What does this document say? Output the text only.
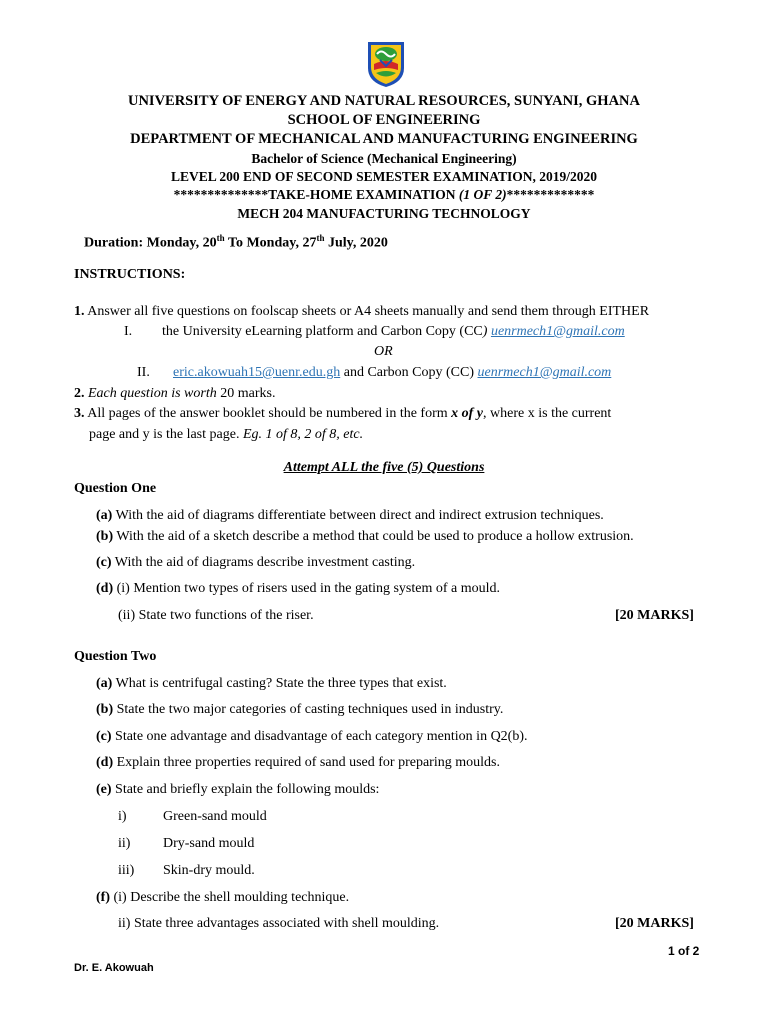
UNIVERSITY OF ENERGY AND NATURAL RESOURCES, SUNYANI, GHANA
SCHOOL OF ENGINEERING
DEPARTMENT OF MECHANICAL AND MANUFACTURING ENGINEERING
Bachelor of Science (Mechanical Engineering)
LEVEL 200 END OF SECOND SEMESTER EXAMINATION, 2019/2020
**************TAKE-HOME EXAMINATION (1 OF 2)*************
MECH 204 MANUFACTURING TECHNOLOGY
Duration: Monday, 20th To Monday, 27th July, 2020
INSTRUCTIONS:
1. Answer all five questions on foolscap sheets or A4 sheets manually and send them through EITHER
I. the University eLearning platform and Carbon Copy (CC) uenrmech1@gmail.com
OR
II. eric.akowuah15@uenr.edu.gh and Carbon Copy (CC) uenrmech1@gmail.com
2. Each question is worth 20 marks.
3. All pages of the answer booklet should be numbered in the form x of y, where x is the current
page and y is the last page. Eg. 1 of 8, 2 of 8, etc.
Attempt ALL the five (5) Questions
Question One
(a) With the aid of diagrams differentiate between direct and indirect extrusion techniques.
(b) With the aid of a sketch describe a method that could be used to produce a hollow extrusion.
(c) With the aid of diagrams describe investment casting.
(d) (i) Mention two types of risers used in the gating system of a mould.
(ii) State two functions of the riser.	[20 MARKS]
Question Two
(a) What is centrifugal casting? State the three types that exist.
(b) State the two major categories of casting techniques used in industry.
(c) State one advantage and disadvantage of each category mention in Q2(b).
(d) Explain three properties required of sand used for preparing moulds.
(e) State and briefly explain the following moulds:
i)	Green-sand mould
ii) Dry-sand mould
iii) Skin-dry mould.
(f) (i) Describe the shell moulding technique.
ii) State three advantages associated with shell moulding.	[20 MARKS]
1 of 2
Dr. E. Akowuah
